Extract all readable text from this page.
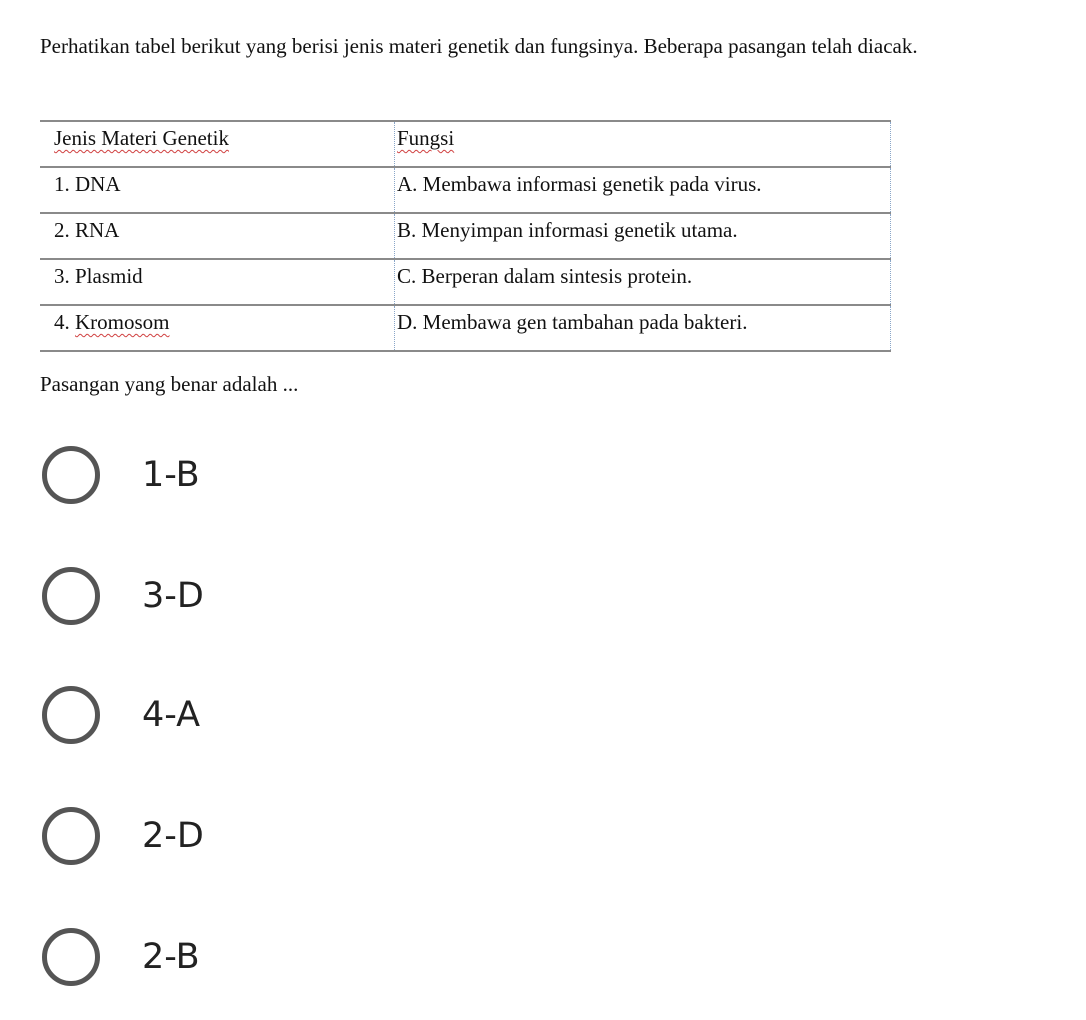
Perhatikan tabel berikut yang berisi jenis materi genetik dan fungsinya. Beberapa pasangan telah diacak.
Jenis Materi Genetik	Fungsi
1. DNA	A. Membawa informasi genetik pada virus.
2. RNA	B. Menyimpan informasi genetik utama.
3. Plasmid	C. Berperan dalam sintesis protein.
4. Kromosom	D. Membawa gen tambahan pada bakteri.
Pasangan yang benar adalah ...
1-B
3-D
4-A
2-D
2-B
